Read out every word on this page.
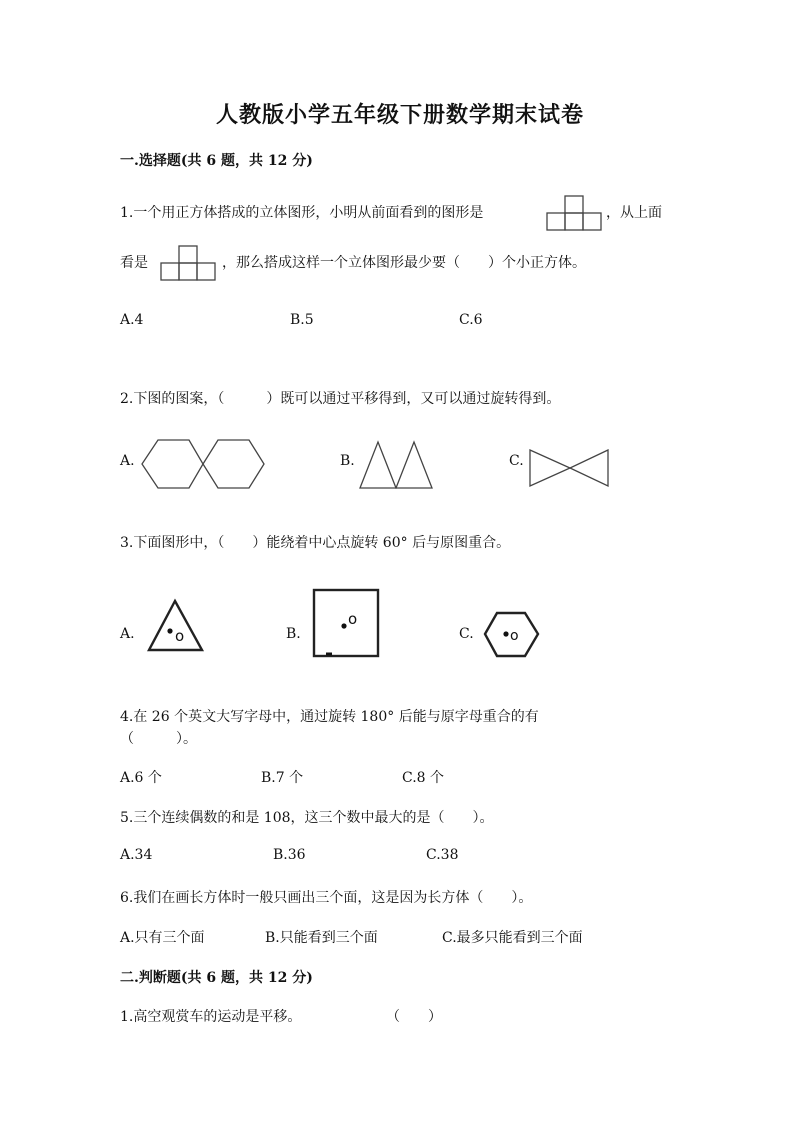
人教版小学五年级下册数学期末试卷
一.选择题(共 6 题，共 12 分)
1.一个用正方体搭成的立体图形，小明从前面看到的图形是	，从上面
看是	，那么搭成这样一个立体图形最少要（　　）个小正方体。
A.4	B.5	C.6
2.下图的图案，（　　　）既可以通过平移得到，又可以通过旋转得到。
A.	B.	C.
3.下面图形中，（　　）能绕着中心点旋转 60° 后与原图重合。
A.	o	B.
o
C.	o
4.在 26 个英文大写字母中，通过旋转 180° 后能与原字母重合的有
（　　　）。
A.6 个	B.7 个	C.8 个
5.三个连续偶数的和是 108，这三个数中最大的是（　　）。
A.34	B.36	C.38
6.我们在画长方体时一般只画出三个面，这是因为长方体（　　）。
A.只有三个面	B.只能看到三个面	C.最多只能看到三个面
二.判断题(共 6 题，共 12 分)
1.高空观赏车的运动是平移。	（　　）
